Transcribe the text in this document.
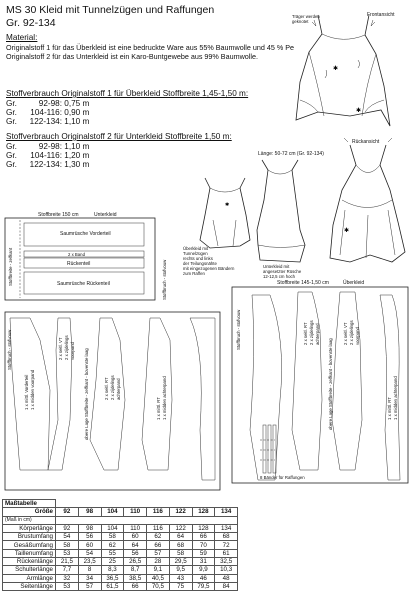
MS 30 Kleid mit Tunnelzügen und Raffungen
Gr. 92-134
Material:
Originalstoff 1 für das Überkleid ist eine bedruckte Ware aus 55% Baumwolle und 45 % Pe
Originalstoff 2 für das Unterkleid ist ein Karo-Buntgewebe aus 99% Baumwolle.
Stoffverbrauch Originalstoff 1 für Überkleid Stoffbreite 1,45-1,50 m:
Gr.	92-98: 0,75 m
Gr. 104-116: 0,90 m
Gr. 122-134: 1,10 m
Stoffverbrauch Originalstoff 2 für Unterkleid Stoffbreite 1,50 m:
Gr.	92-98: 1,10 m
Gr. 104-116: 1,20 m
Gr. 122-134: 1,30 m
✱
✱
✱
✱
Träger werden
geknotet
Frontansicht
Länge: 50-72 cm (Gr. 92-134)
Rückansicht
Überkleid mit
Tunnelzügen
rechts und links
der Teilungsnähte
mit eingezogenen Bändern
zum Raffen
Unterkleid mit
angesetzter Rüsche
12-12,5 cm hoch
Stoffbreite 150 cm	Unterkleid
Saumrüsche Vorderteil
2 x Band
Rückenteil
Saumrüsche Rückenteil	Stoffbruch - stofvouw
Stoffbreite - zelfkant	Stoffbreite 145-1,50 cm	Überkleid
Stoffbruch - stofvouw
8 Bänder für Raffungen
2 x seitl. RT 2 x zijdelings achterpand	2 x seitl. VT 2 x zijdelings voorpand
1 x mittl. RT 1 x midden achterpand
obere Lage Stoffbreite - zelfkant - bovenste laag
Stoffbruch - stofvouw
1 x mittl. Vorderteil 1 x midden voorpand
2 x seitl. VT 2 x zijdelings voorpand obere Lage Stoffbreite - zelfkant - bovenste laag	2 x seitl. RT 2 x zijdelings achterpand
1 x mittl. RT 1 x midden achterpand
Maßtabelle								
Größe	92	98	104	110	116	122	128	134
(Maß in cm)								
Körperlänge	92	98	104	110	116	122	128	134
Brustumfang	54	56	58	60	62	64	66	68
Gesäßumfang	58	60	62	64	66	68	70	72
Taillenumfang	53	54	55	56	57	58	59	61
Rückenlänge	21,5	23,5	25	26,5	28	29,5	31	32,5
Schulterlänge	7,7	8	8,3	8,7	9,1	9,5	9,9	10,3
Armlänge	32	34	36,5	38,5	40,5	43	46	48
Seitenlänge	53	57	61,5	66	70,5	75	79,5	84
